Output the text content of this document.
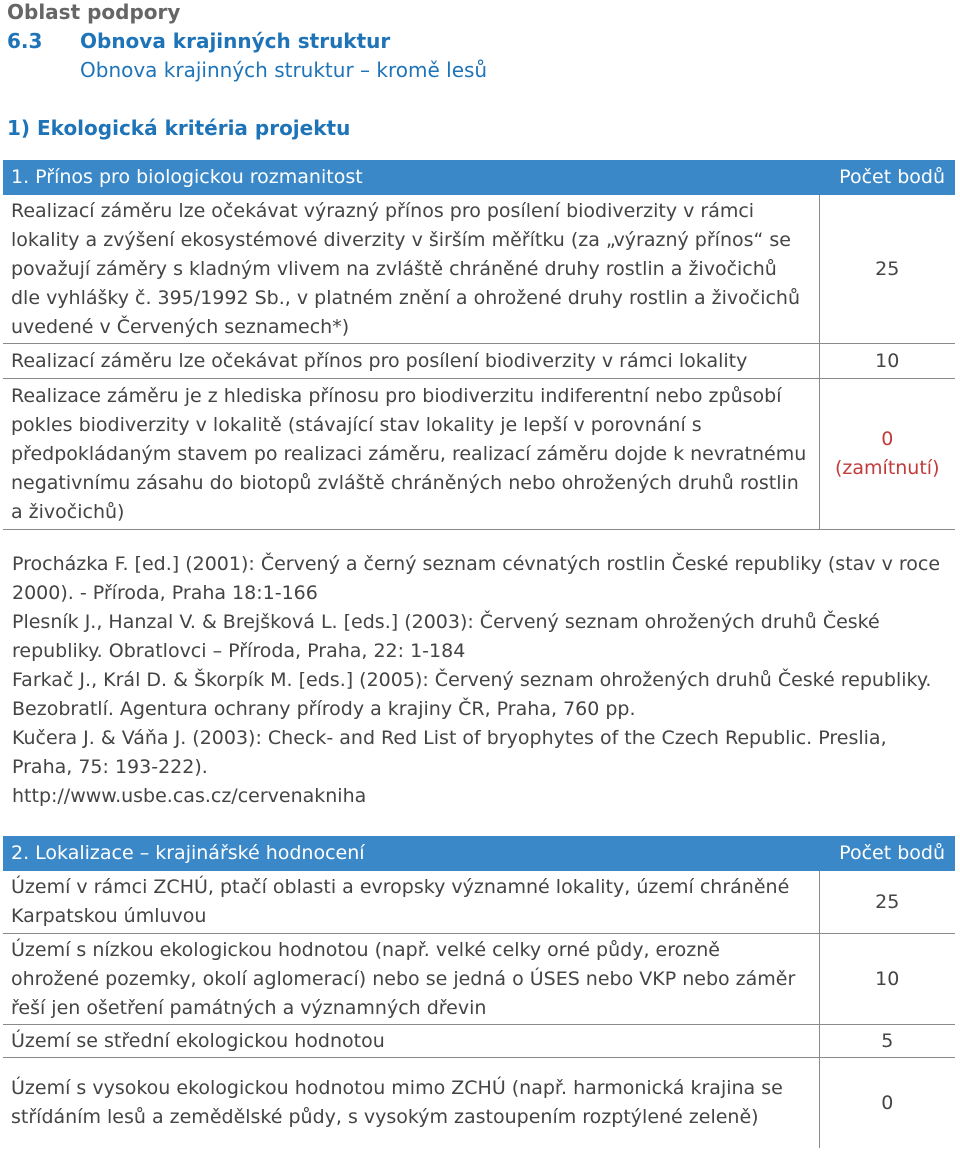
Oblast podpory
6.3 Obnova krajinných struktur
Obnova krajinných struktur – kromě lesů
1) Ekologická kritéria projektu
1. Přínos pro biologickou rozmanitost	Počet bodů
Realizací záměru lze očekávat výrazný přínos pro posílení biodiverzity v rámci lokality a zvýšení ekosystémové diverzity v širším měřítku (za „výrazný přínos“ se považují záměry s kladným vlivem na zvláště chráněné druhy rostlin a živočichů dle vyhlášky č. 395/1992 Sb., v platném znění a ohrožené druhy rostlin a živočichů uvedené v Červených seznamech*)	25
Realizací záměru lze očekávat přínos pro posílení biodiverzity v rámci lokality	10
Realizace záměru je z hlediska přínosu pro biodiverzitu indiferentní nebo způsobí pokles biodiverzity v lokalitě (stávající stav lokality je lepší v porovnání s předpokládaným stavem po realizaci záměru, realizací záměru dojde k nevratnému negativnímu zásahu do biotopů zvláště chráněných nebo ohrožených druhů rostlin a živočichů)	0
(zamítnutí)
Procházka F. [ed.] (2001): Červený a černý seznam cévnatých rostlin České republiky (stav v roce 2000). - Příroda, Praha 18:1-166
Plesník J., Hanzal V. & Brejšková L. [eds.] (2003): Červený seznam ohrožených druhů České republiky. Obratlovci – Příroda, Praha, 22: 1-184
Farkač J., Král D. & Škorpík M. [eds.] (2005): Červený seznam ohrožených druhů České republiky. Bezobratlí. Agentura ochrany přírody a krajiny ČR, Praha, 760 pp.
Kučera J. & Váňa J. (2003): Check- and Red List of bryophytes of the Czech Republic. Preslia, Praha, 75: 193-222).
http://www.usbe.cas.cz/cervenakniha
2. Lokalizace – krajinářské hodnocení	Počet bodů
Území v rámci ZCHÚ, ptačí oblasti a evropsky významné lokality, území chráněné Karpatskou úmluvou	25
Území s nízkou ekologickou hodnotou (např. velké celky orné půdy, erozně ohrožené pozemky, okolí aglomerací) nebo se jedná o ÚSES nebo VKP nebo záměr řeší jen ošetření památných a významných dřevin	10
Území se střední ekologickou hodnotou	5
Území s vysokou ekologickou hodnotou mimo ZCHÚ (např. harmonická krajina se střídáním lesů a zemědělské půdy, s vysokým zastoupením rozptýlené zeleně)	0
